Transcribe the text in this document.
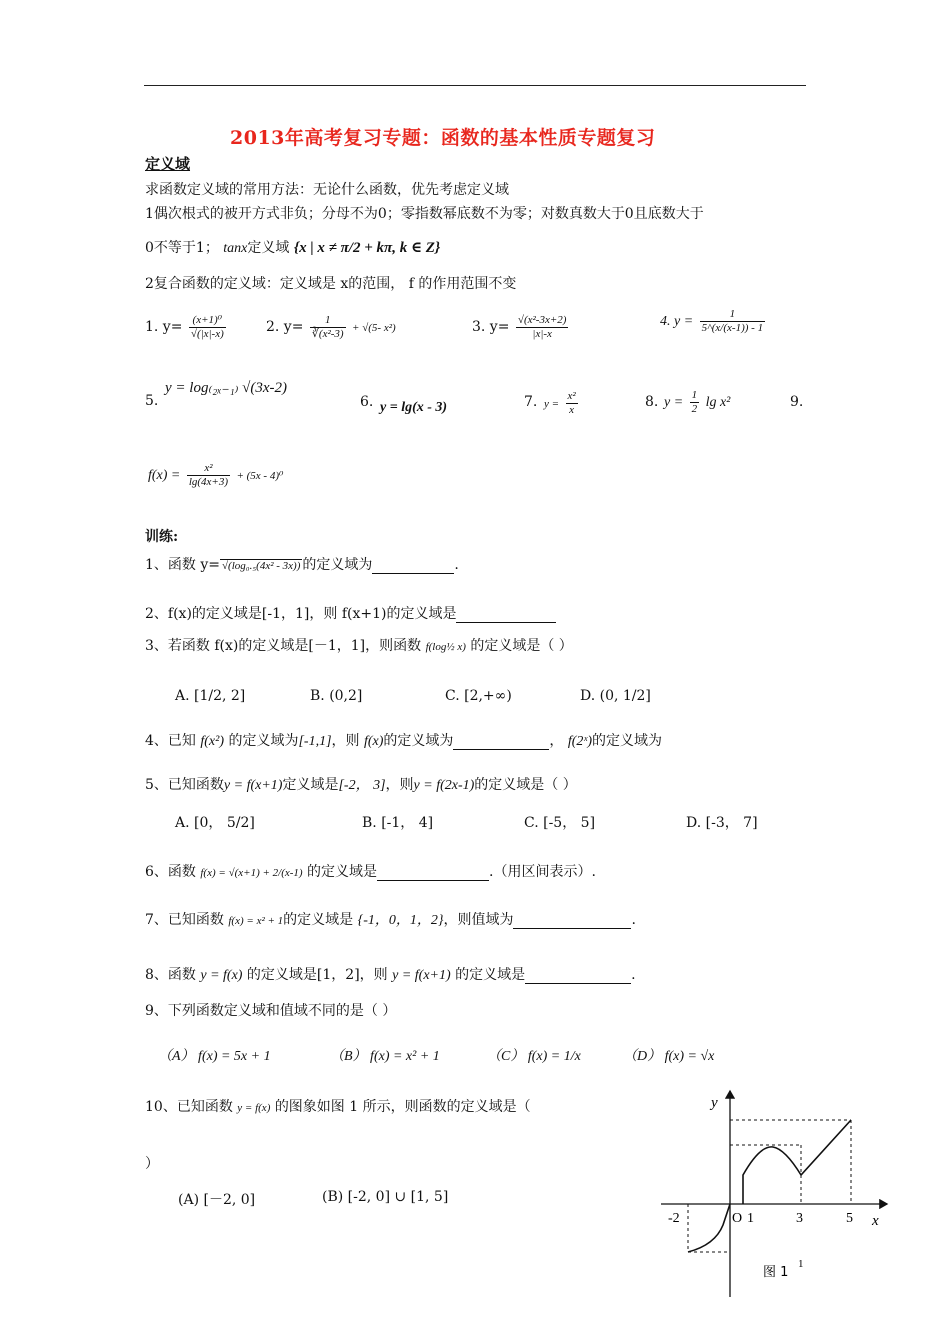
2013年高考复习专题：函数的基本性质专题复习
定义域
求函数定义域的常用方法：无论什么函数，优先考虑定义域
1偶次根式的被开方式非负；分母不为0；零指数幂底数不为零；对数真数大于0且底数大于
0不等于1； tanx定义域 {x | x ≠ π/2 + kπ, k ∈ Z}
2复合函数的定义域：定义域是 x的范围， f 的作用范围不变
1. $y= \frac{\text{(x+1)⁰}}{√(|x|-x)}$	2. $y= \frac{1}{\text{∛(x²-3)}} + √(5-$ x²)	3. $y= \frac{\text{√(x²-3x+2)}}{|x|-x}$	4. $y = \frac{1}{5\^{}(x/(x-1)) - 1}$
5.
y = log₍₂ₓ₋₁₎ √(3x-2)
6. y = lg(x - 3)	7. $y = \frac{\text{x²}}{x}$	8. $y = \frac{1}{2}$ lg x²	9.
$f(x) = \frac{\text{x²}}{\lg(4x+3)} + (5x - 4)^0$
训练:
1、函数 y= √(log₀.₅(4x² - 3x)) 的定义域为	.
2、f(x)的定义域是[-1，1]，则 f(x+1)的定义域是
3、若函数 f(x)的定义域是[－1，1]，则函数 f(log½ x) 的定义域是（ ）
A. [1/2, 2]	B. (0,2]	C. [2,+∞)	D. (0, 1/2]
4、已知 f(x²) 的定义域为[-1,1]，则 f(x)的定义域为	， f(2ˣ)的定义域为
5、已知函数y = f(x+1)定义域是[-2， 3]，则y = f(2x-1)的定义域是（ ）
A. [0， 5/2]	B. [-1， 4]	C. [-5， 5]	D. [-3， 7]
6、函数 f(x) = √(x+1) + 2/(x-1) 的定义域是	.（用区间表示）.
7、已知函数 f(x) = x² + 1的定义域是 {-1，0，1，2}，则值域为	.
8、函数 y = f(x) 的定义域是[1，2]，则 y = f(x+1) 的定义域是	.
9、下列函数定义域和值域不同的是（ ）
（A） f(x) = 5x + 1	（B） f(x) = x² + 1	（C） f(x) = 1/x	（D） f(x) = √x
10、已知函数 y = f(x) 的图象如图 1 所示，则函数的定义域是（
）
(A) [－2, 0]	(B) [-2, 0] ∪ [1, 5]
y
x
-2	O 1	3	5
图 1
1
